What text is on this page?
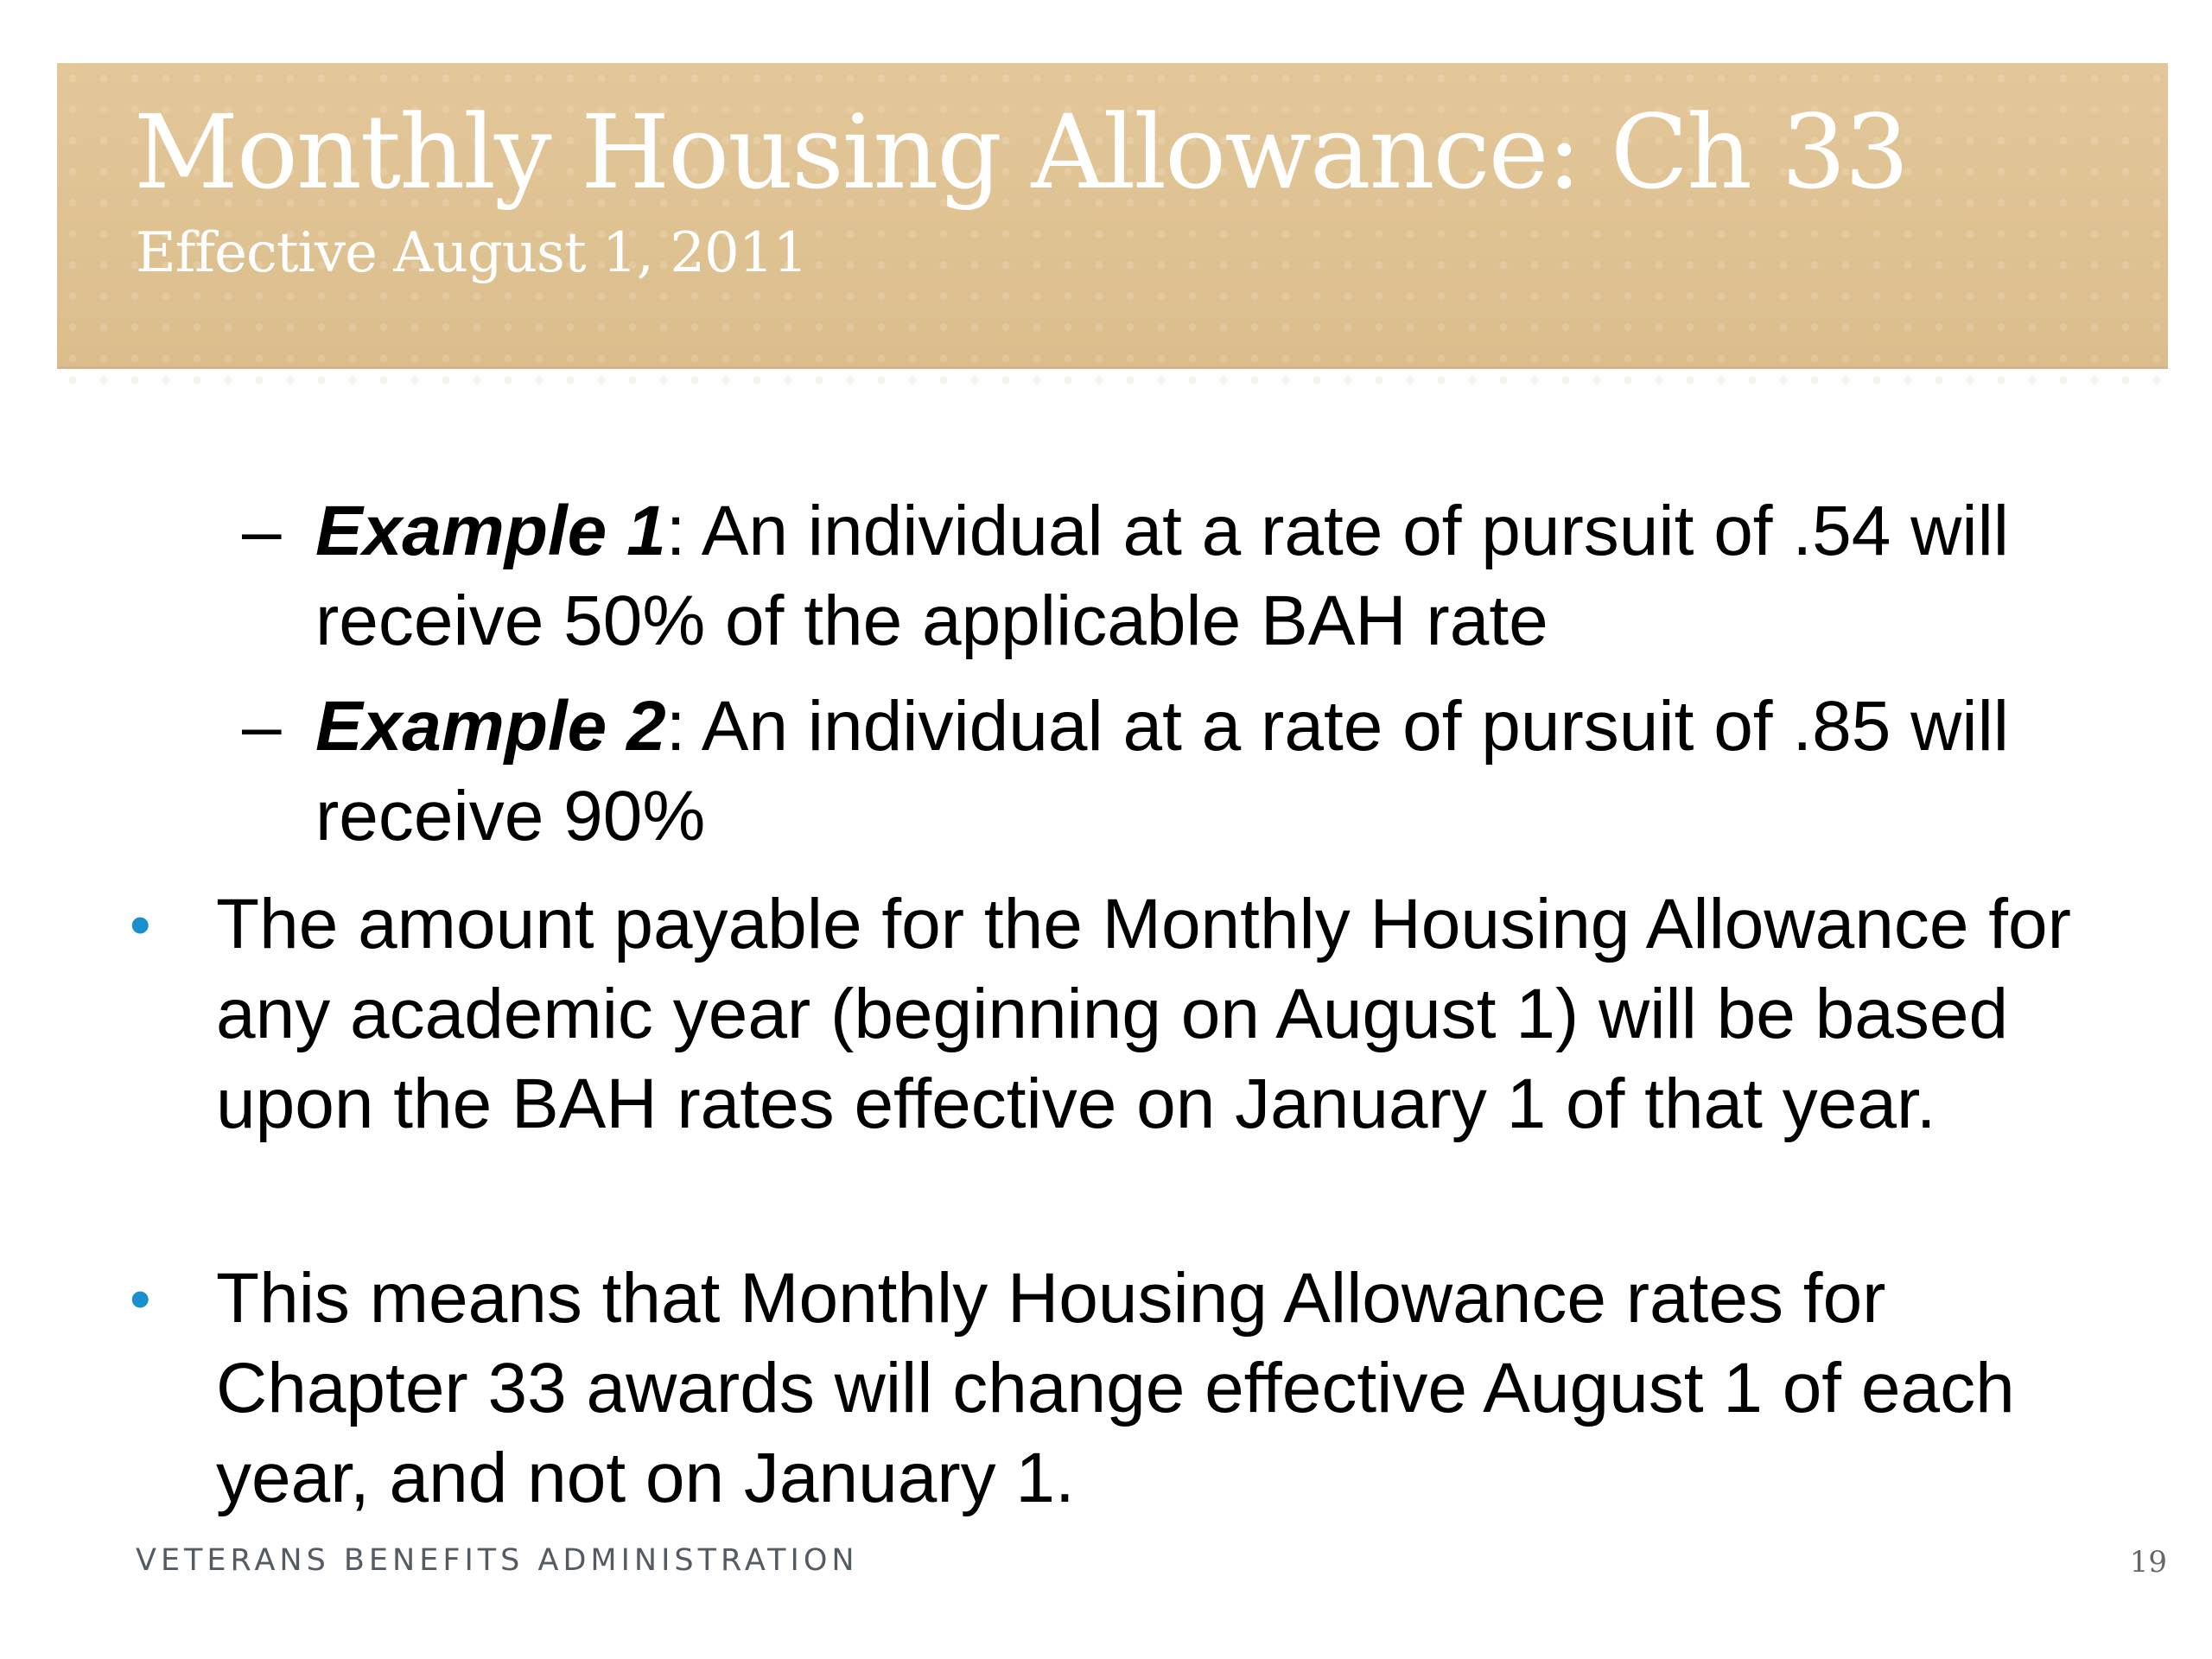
Monthly Housing Allowance: Ch 33
Effective August 1, 2011
– Example 1: An individual at a rate of pursuit of .54 will receive 50% of the applicable BAH rate
– Example 2: An individual at a rate of pursuit of .85 will receive 90%
• The amount payable for the Monthly Housing Allowance for any academic year (beginning on August 1) will be based upon the BAH rates effective on January 1 of that year.
• This means that Monthly Housing Allowance rates for Chapter 33 awards will change effective August 1 of each year, and not on January 1.
VETERANS BENEFITS ADMINISTRATION	19
